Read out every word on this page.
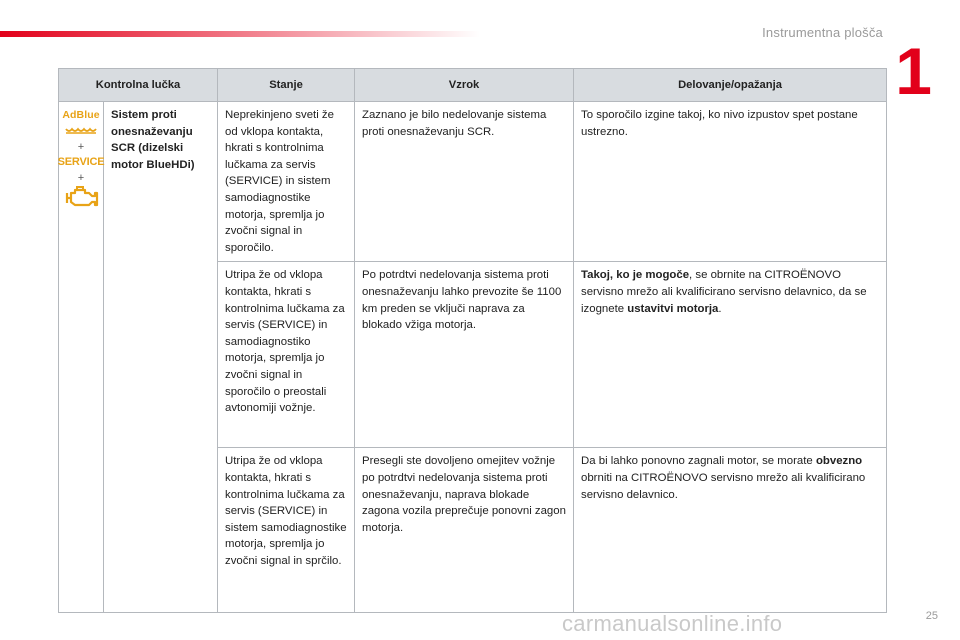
Instrumentna plošča
1
Kontrolna lučka		Stanje	Vzrok	Delovanje/opažanja

AdBlue
+
SERVICE
+	Sistem proti onesnaževanju SCR (dizelski motor BlueHDi)	Neprekinjeno sveti že od vklopa kontakta, hkrati s kontrolnima lučkama za servis (SERVICE) in sistem samodiagnostike motorja, spremlja jo zvočni signal in sporočilo.	Zaznano je bilo nedelovanje sistema proti onesnaževanju SCR.	To sporočilo izgine takoj, ko nivo izpustov spet postane ustrezno.
		Utripa že od vklopa kontakta, hkrati s kontrolnima lučkama za servis (SERVICE) in samodiagnostiko motorja, spremlja jo zvočni signal in sporočilo o preostali avtonomiji vožnje.	Po potrdtvi nedelovanja sistema proti onesnaževanju lahko prevozite še 1100 km preden se vključi naprava za blokado vžiga motorja.	Takoj, ko je mogoče, se obrnite na CITROËNOVO servisno mrežo ali kvalificirano servisno delavnico, da se izognete ustavitvi motorja.
		Utripa že od vklopa kontakta, hkrati s kontrolnima lučkama za servis (SERVICE) in sistem samodiagnostike motorja, spremlja jo zvočni signal in sprčilo.	Presegli ste dovoljeno omejitev vožnje po potrdtvi nedelovanja sistema proti onesnaževanju, naprava blokade zagona vozila preprečuje ponovni zagon motorja.	Da bi lahko ponovno zagnali motor, se morate obvezno obrniti na CITROËNOVO servisno mrežo ali kvalificirano servisno delavnico.
carmanualsonline.info	25
